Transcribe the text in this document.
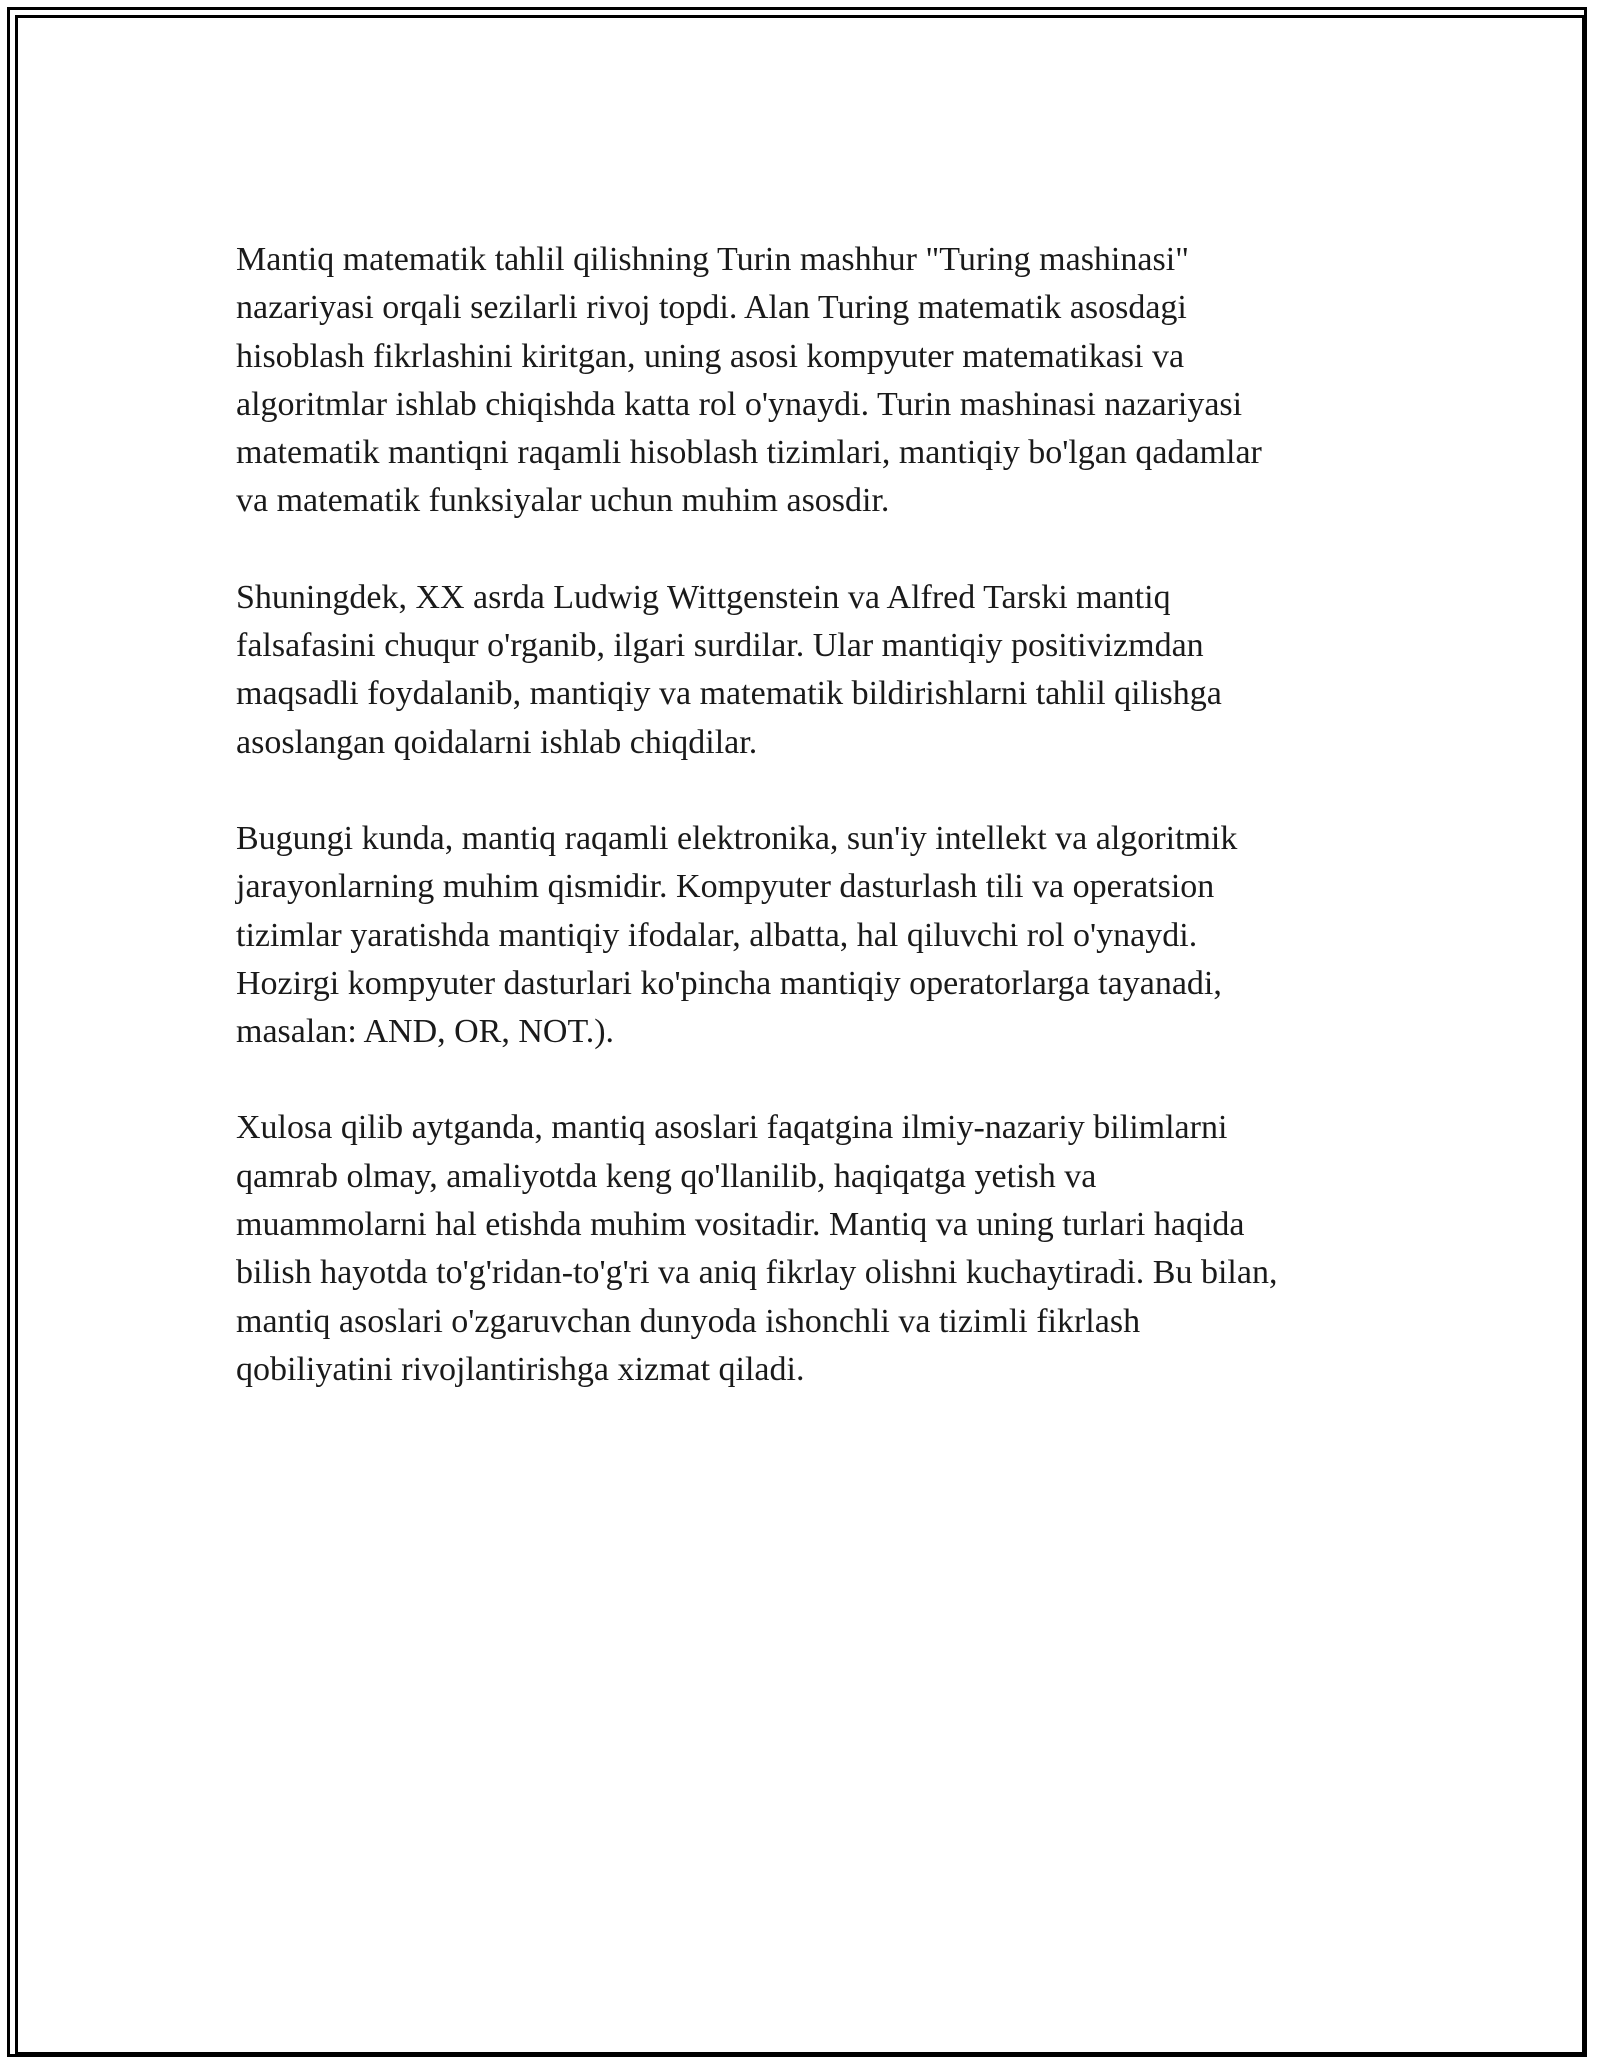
Mantiq matematik tahlil qilishning Turin mashhur "Turing mashinasi"
nazariyasi orqali sezilarli rivoj topdi. Alan Turing matematik asosdagi
hisoblash fikrlashini kiritgan, uning asosi kompyuter matematikasi va
algoritmlar ishlab chiqishda katta rol o'ynaydi. Turin mashinasi nazariyasi
matematik mantiqni raqamli hisoblash tizimlari, mantiqiy bo'lgan qadamlar
va matematik funksiyalar uchun muhim asosdir.

Shuningdek, XX asrda Ludwig Wittgenstein va Alfred Tarski mantiq
falsafasini chuqur o'rganib, ilgari surdilar. Ular mantiqiy positivizmdan
maqsadli foydalanib, mantiqiy va matematik bildirishlarni tahlil qilishga
asoslangan qoidalarni ishlab chiqdilar.

Bugungi kunda, mantiq raqamli elektronika, sun'iy intellekt va algoritmik
jarayonlarning muhim qismidir. Kompyuter dasturlash tili va operatsion
tizimlar yaratishda mantiqiy ifodalar, albatta, hal qiluvchi rol o'ynaydi.
Hozirgi kompyuter dasturlari ko'pincha mantiqiy operatorlarga tayanadi,
masalan: AND, OR, NOT.).

Xulosa qilib aytganda, mantiq asoslari faqatgina ilmiy-nazariy bilimlarni
qamrab olmay, amaliyotda keng qo'llanilib, haqiqatga yetish va
muammolarni hal etishda muhim vositadir. Mantiq va uning turlari haqida
bilish hayotda to'g'ridan-to'g'ri va aniq fikrlay olishni kuchaytiradi. Bu bilan,
mantiq asoslari o'zgaruvchan dunyoda ishonchli va tizimli fikrlash
qobiliyatini rivojlantirishga xizmat qiladi.
